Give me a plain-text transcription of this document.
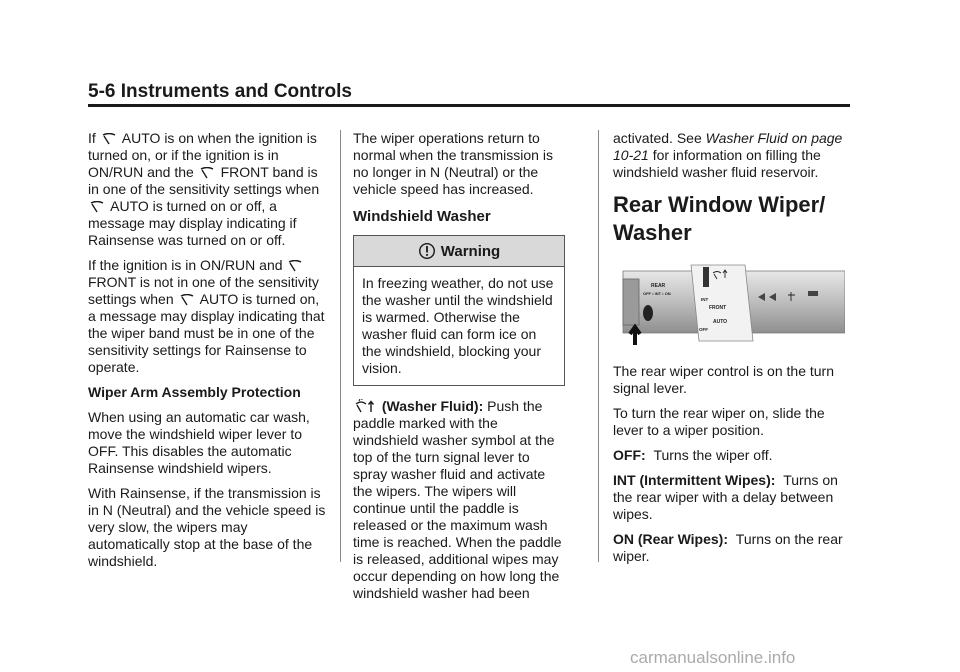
5-6 Instruments and Controls

If AUTO is on when the ignition is turned on, or if the ignition is in ON/RUN and the FRONT band is in one of the sensitivity settings when  AUTO is turned on or off, a message may display indicating if Rainsense was turned on or off.

If the ignition is in ON/RUN and  FRONT is not in one of the sensitivity settings when AUTO is turned on, a message may display indicating that the wiper band must be in one of the sensitivity settings for Rainsense to operate.

Wiper Arm Assembly Protection

When using an automatic car wash, move the windshield wiper lever to OFF. This disables the automatic Rainsense windshield wipers.

With Rainsense, if the transmission is in N (Neutral) and the vehicle speed is very slow, the wipers may automatically stop at the base of the windshield.

The wiper operations return to normal when the transmission is no longer in N (Neutral) or the vehicle speed has increased.

Windshield Washer
Warning

In freezing weather, do not use the washer until the windshield is warmed. Otherwise the washer fluid can form ice on the windshield, blocking your vision.

(Washer Fluid): Push the paddle marked with the windshield washer symbol at the top of the turn signal lever to spray washer fluid and activate the wipers. The wipers will continue until the paddle is released or the maximum wash time is reached. When the paddle is released, additional wipes may occur depending on how long the windshield washer had been

activated. See Washer Fluid on page 10-21 for information on filling the windshield washer fluid reservoir.

Rear Window Wiper/ Washer
REAR
OFF • INT • ON
FRONT
AUTO
OFF
INT

The rear wiper control is on the turn signal lever.

To turn the rear wiper on, slide the lever to a wiper position.

OFF: Turns the wiper off.

INT (Intermittent Wipes): Turns on the rear wiper with a delay between wipes.

ON (Rear Wipes): Turns on the rear wiper.

carmanualsonline.info
